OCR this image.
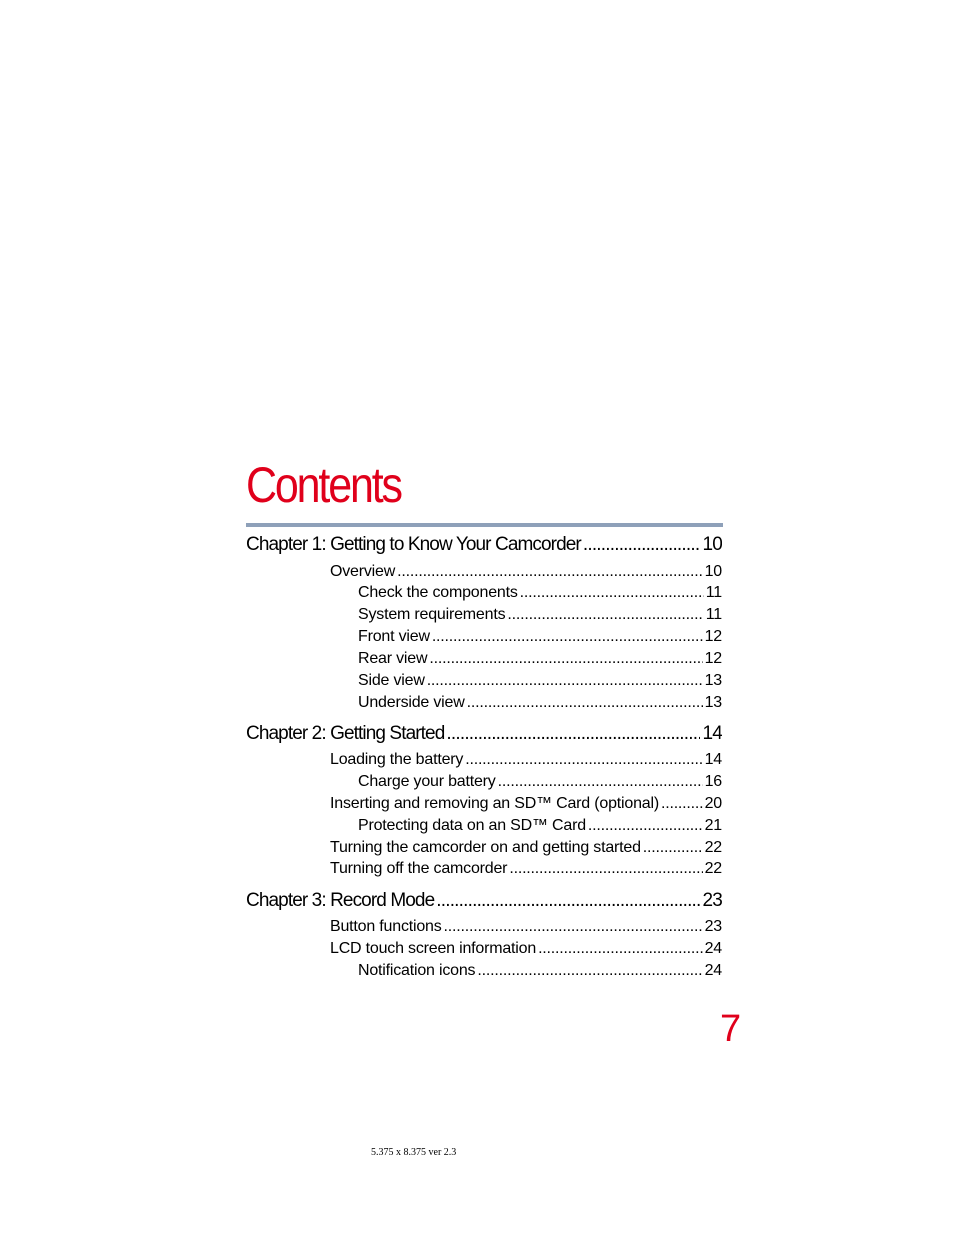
Contents
Chapter 1: Getting to Know Your Camcorder .....	10
Overview .....	10
Check the components .....	11
System requirements .....	11
Front view .....	12
Rear view .....	12
Side view .....	13
Underside view .....	13
Chapter 2: Getting Started .....	14
Loading the battery .....	14
Charge your battery .....	16
Inserting and removing an SD™ Card (optional) .....	20
Protecting data on an SD™ Card .....	21
Turning the camcorder on and getting started .....	22
Turning off the camcorder .....	22
Chapter 3: Record Mode .....	23
Button functions .....	23
LCD touch screen information .....	24
Notification icons .....	24
7
5.375 x 8.375 ver 2.3
